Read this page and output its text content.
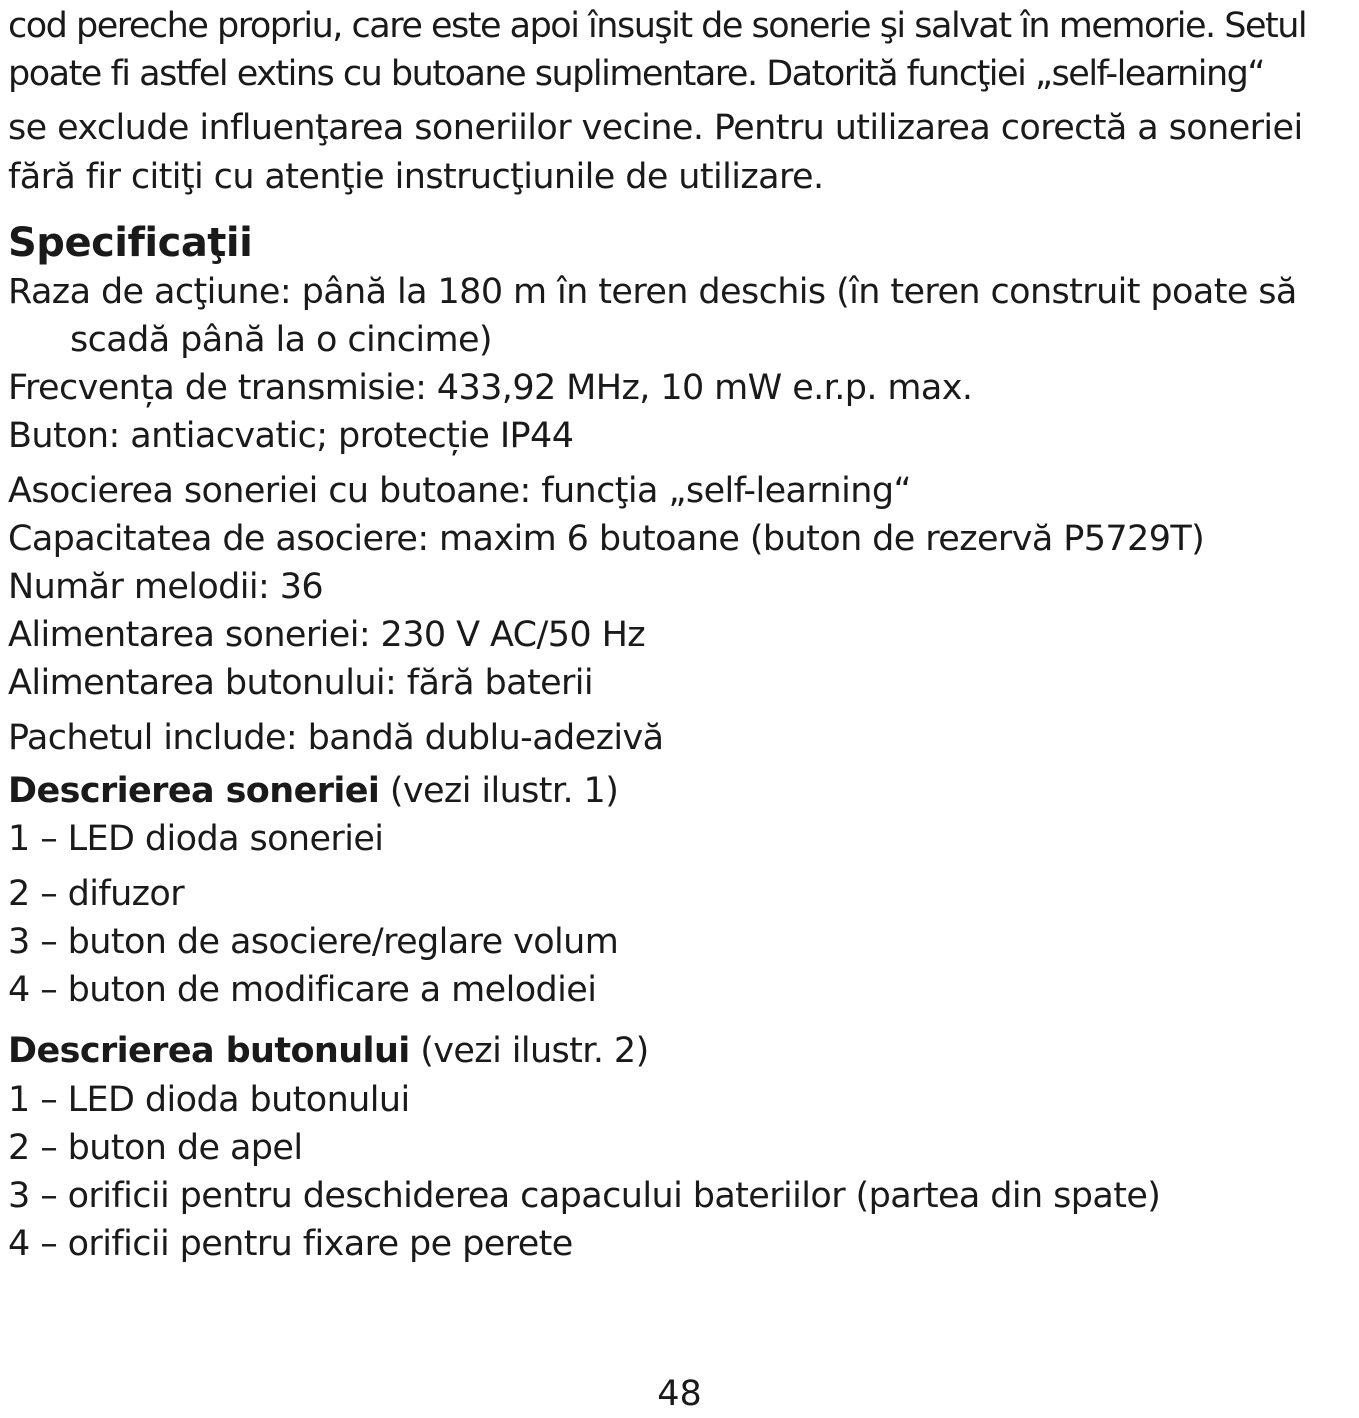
cod pereche propriu, care este apoi însuşit de sonerie şi salvat în memorie. Setul
poate fi astfel extins cu butoane suplimentare. Datorită funcţiei „self-learning“
se exclude influenţarea soneriilor vecine. Pentru utilizarea corectă a soneriei
fără fir citiţi cu atenţie instrucţiunile de utilizare.
Specificaţii
Raza de acţiune: până la 180 m în teren deschis (în teren construit poate să
scadă până la o cincime)
Frecvența de transmisie: 433,92 MHz, 10 mW e.r.p. max.
Buton: antiacvatic; protecție IP44
Asocierea soneriei cu butoane: funcţia „self-learning“
Capacitatea de asociere: maxim 6 butoane (buton de rezervă P5729T)
Număr melodii: 36
Alimentarea soneriei: 230 V AC/50 Hz
Alimentarea butonului: fără baterii
Pachetul include: bandă dublu-adezivă
Descrierea soneriei (vezi ilustr. 1)
1 – LED dioda soneriei
2 – difuzor
3 – buton de asociere/reglare volum
4 – buton de modificare a melodiei
Descrierea butonului (vezi ilustr. 2)
1 – LED dioda butonului
2 – buton de apel
3 – orificii pentru deschiderea capacului bateriilor (partea din spate)
4 – orificii pentru fixare pe perete
48
